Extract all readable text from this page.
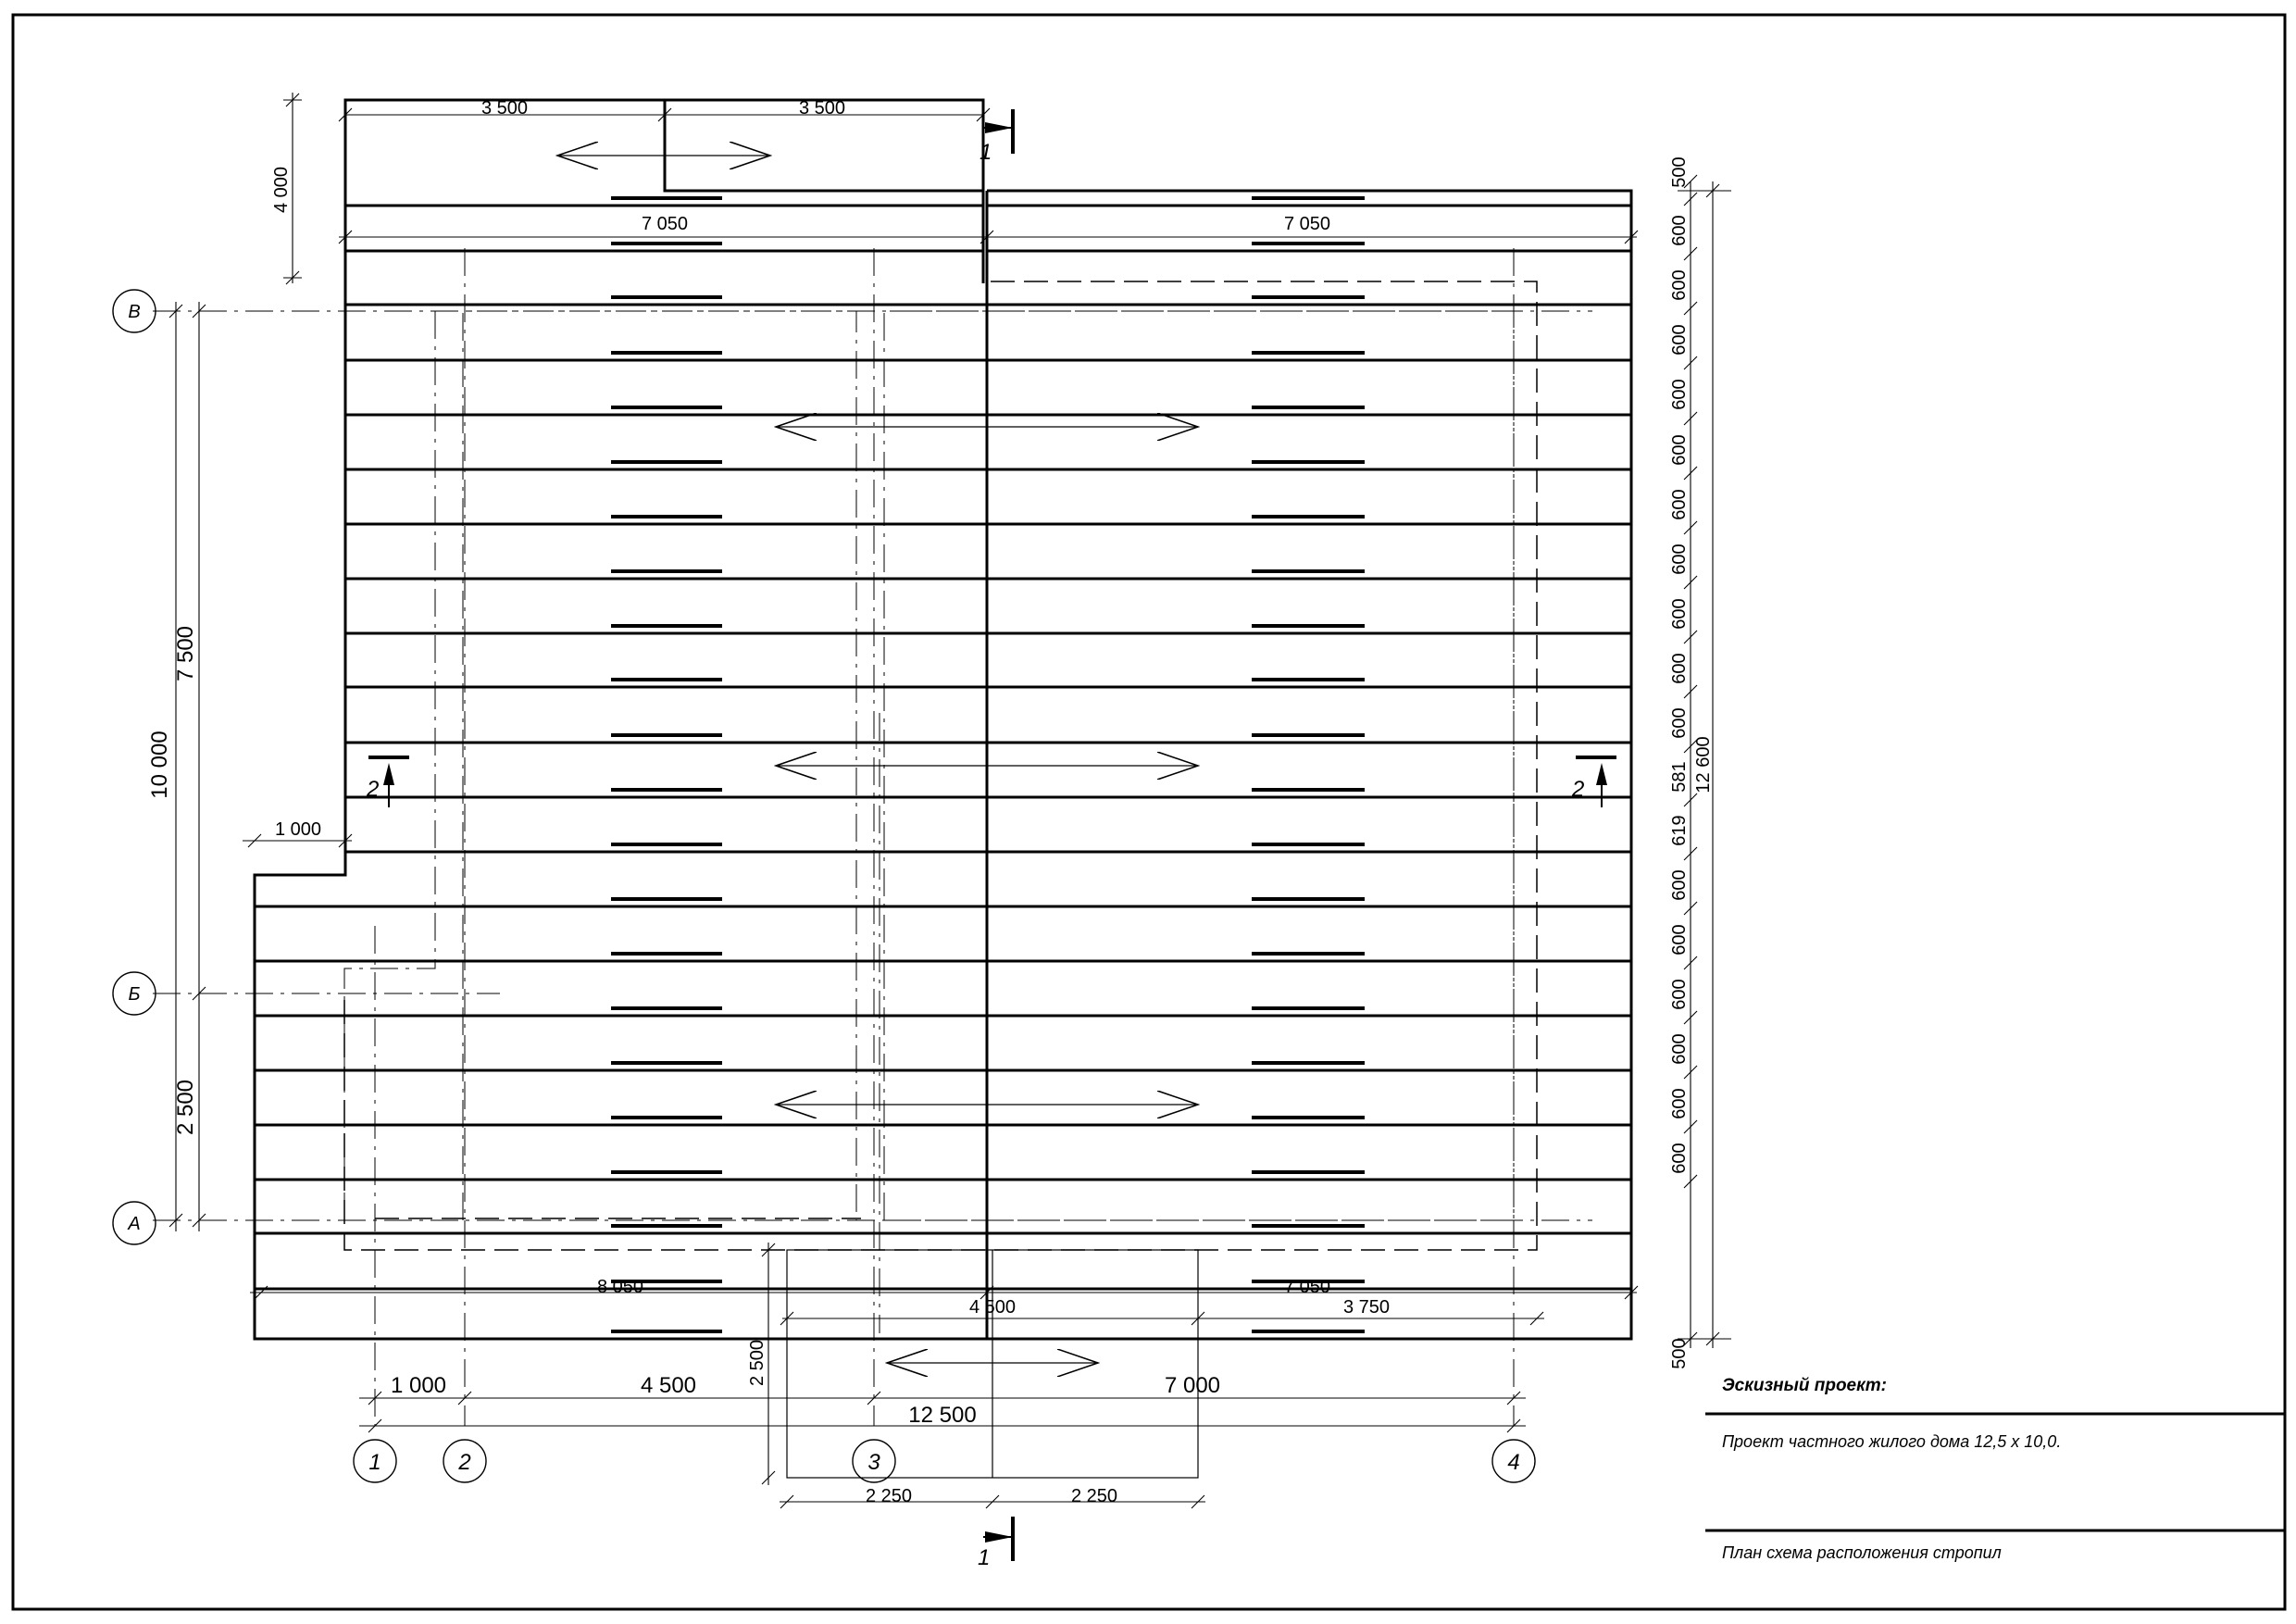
3 500	3 500
4 000
7 050	7 050
10 000
7 500
2 500
1 000
8 050	7 050
4 500	3 750
2 500
1 000	4 500	7 000
12 500
2 250	2 250
12 600
500
600
600
600
600
600
600
600
600
600
600
581
619
600
600
600
600
600
600
500
В
Б
А
1	2	3	4
1
1
2	2
Эскизный проект:
Проект частного жилого дома 12,5 х 10,0.
План схема расположения стропил
